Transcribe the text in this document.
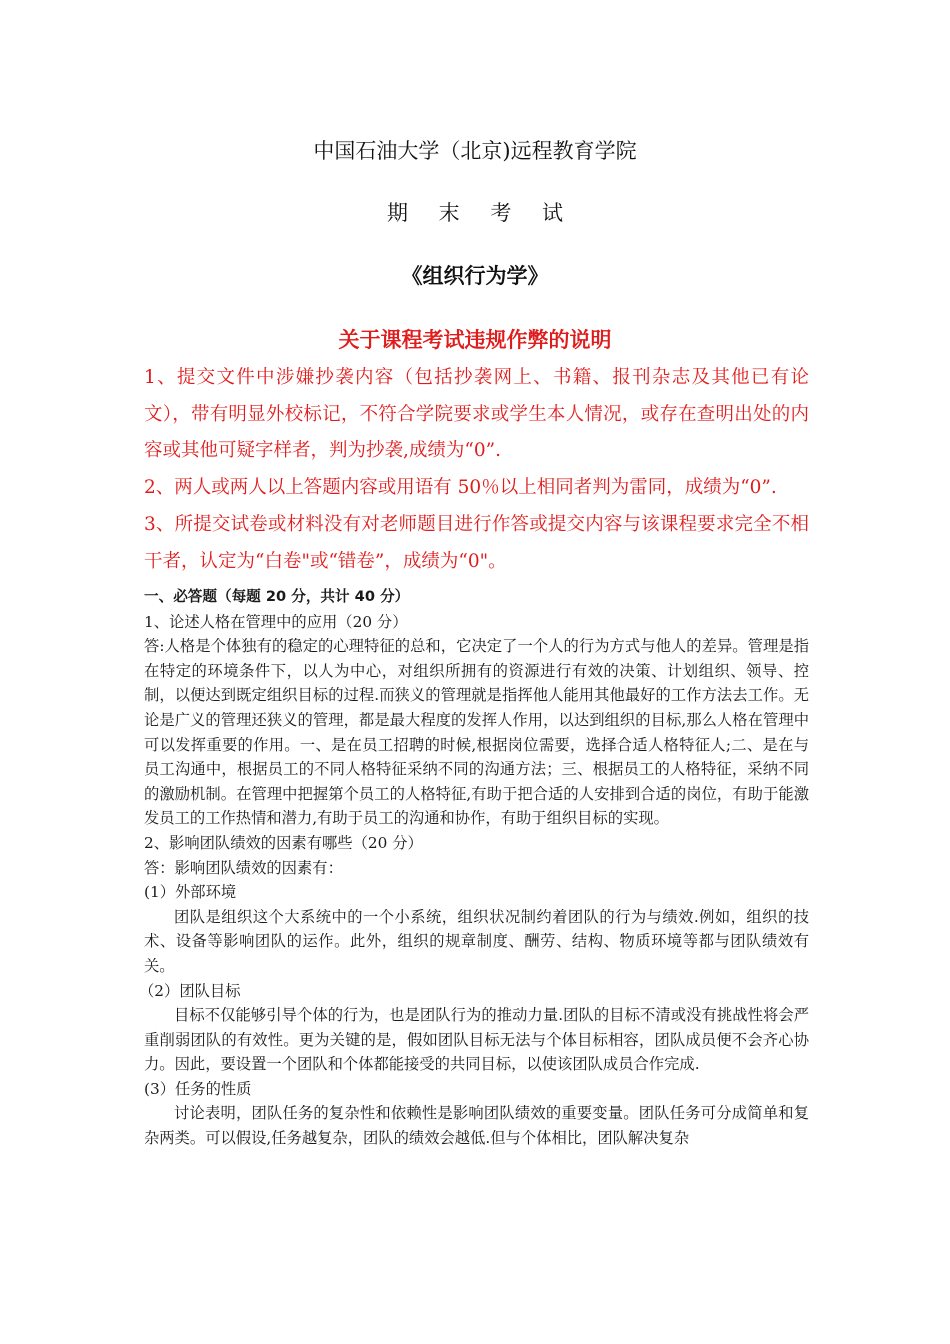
中国石油大学（北京)远程教育学院
期 末 考 试
《组织行为学》
关于课程考试违规作弊的说明

1、提交文件中涉嫌抄袭内容（包括抄袭网上、书籍、报刊杂志及其他已有论文），带有明显外校标记，不符合学院要求或学生本人情况，或存在查明出处的内容或其他可疑字样者，判为抄袭,成绩为“0”.

2、两人或两人以上答题内容或用语有 50％以上相同者判为雷同，成绩为“0”.

3、所提交试卷或材料没有对老师题目进行作答或提交内容与该课程要求完全不相干者，认定为“白卷"或“错卷”，成绩为“0"。

一、必答题（每题 20 分，共计 40 分）

1、论述人格在管理中的应用（20 分）

答:人格是个体独有的稳定的心理特征的总和，它决定了一个人的行为方式与他人的差异。管理是指在特定的环境条件下，以人为中心，对组织所拥有的资源进行有效的决策、计划组织、领导、控制，以便达到既定组织目标的过程.而狭义的管理就是指挥他人能用其他最好的工作方法去工作。无论是广义的管理还狭义的管理，都是最大程度的发挥人作用，以达到组织的目标,那么人格在管理中可以发挥重要的作用。一、是在员工招聘的时候,根据岗位需要，选择合适人格特征人;二、是在与员工沟通中，根据员工的不同人格特征采纳不同的沟通方法；三、根据员工的人格特征，采纳不同的激励机制。在管理中把握第个员工的人格特征,有助于把合适的人安排到合适的岗位，有助于能激发员工的工作热情和潜力,有助于员工的沟通和协作，有助于组织目标的实现。

2、影响团队绩效的因素有哪些（20 分）

答：影响团队绩效的因素有：

(1）外部环境

团队是组织这个大系统中的一个小系统，组织状况制约着团队的行为与绩效.例如，组织的技术、设备等影响团队的运作。此外，组织的规章制度、酬劳、结构、物质环境等都与团队绩效有关。

（2）团队目标

目标不仅能够引导个体的行为，也是团队行为的推动力量.团队的目标不清或没有挑战性将会严重削弱团队的有效性。更为关键的是，假如团队目标无法与个体目标相容，团队成员便不会齐心协力。因此，要设置一个团队和个体都能接受的共同目标，以使该团队成员合作完成.

(3）任务的性质

讨论表明，团队任务的复杂性和依赖性是影响团队绩效的重要变量。团队任务可分成简单和复杂两类。可以假设,任务越复杂，团队的绩效会越低.但与个体相比，团队解决复杂
